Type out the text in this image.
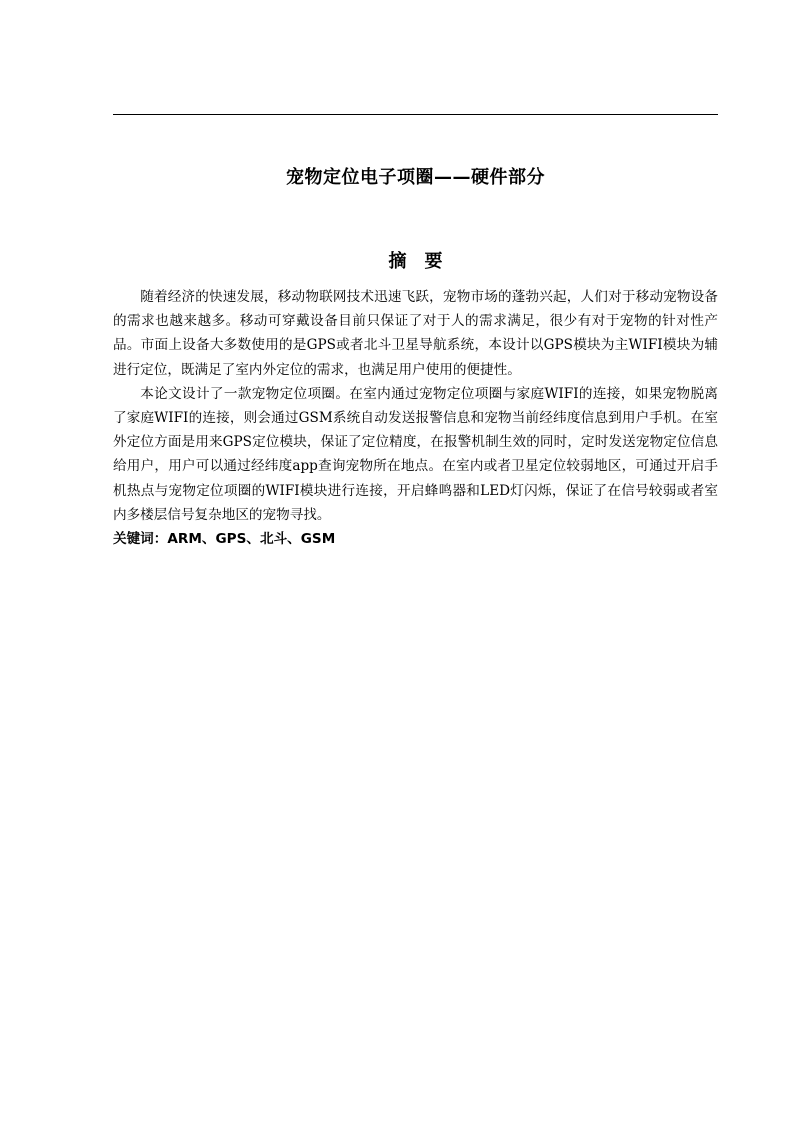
宠物定位电子项圈——硬件部分
摘 要

随着经济的快速发展，移动物联网技术迅速飞跃，宠物市场的蓬勃兴起，人们对于移动宠物设备的需求也越来越多。移动可穿戴设备目前只保证了对于人的需求满足，很少有对于宠物的针对性产品。市面上设备大多数使用的是GPS或者北斗卫星导航系统，本设计以GPS模块为主WIFI模块为辅进行定位，既满足了室内外定位的需求，也满足用户使用的便捷性。

本论文设计了一款宠物定位项圈。在室内通过宠物定位项圈与家庭WIFI的连接，如果宠物脱离了家庭WIFI的连接，则会通过GSM系统自动发送报警信息和宠物当前经纬度信息到用户手机。在室外定位方面是用来GPS定位模块，保证了定位精度，在报警机制生效的同时，定时发送宠物定位信息给用户，用户可以通过经纬度app查询宠物所在地点。在室内或者卫星定位较弱地区，可通过开启手机热点与宠物定位项圈的WIFI模块进行连接，开启蜂鸣器和LED灯闪烁，保证了在信号较弱或者室内多楼层信号复杂地区的宠物寻找。

关键词：ARM、GPS、北斗、GSM
